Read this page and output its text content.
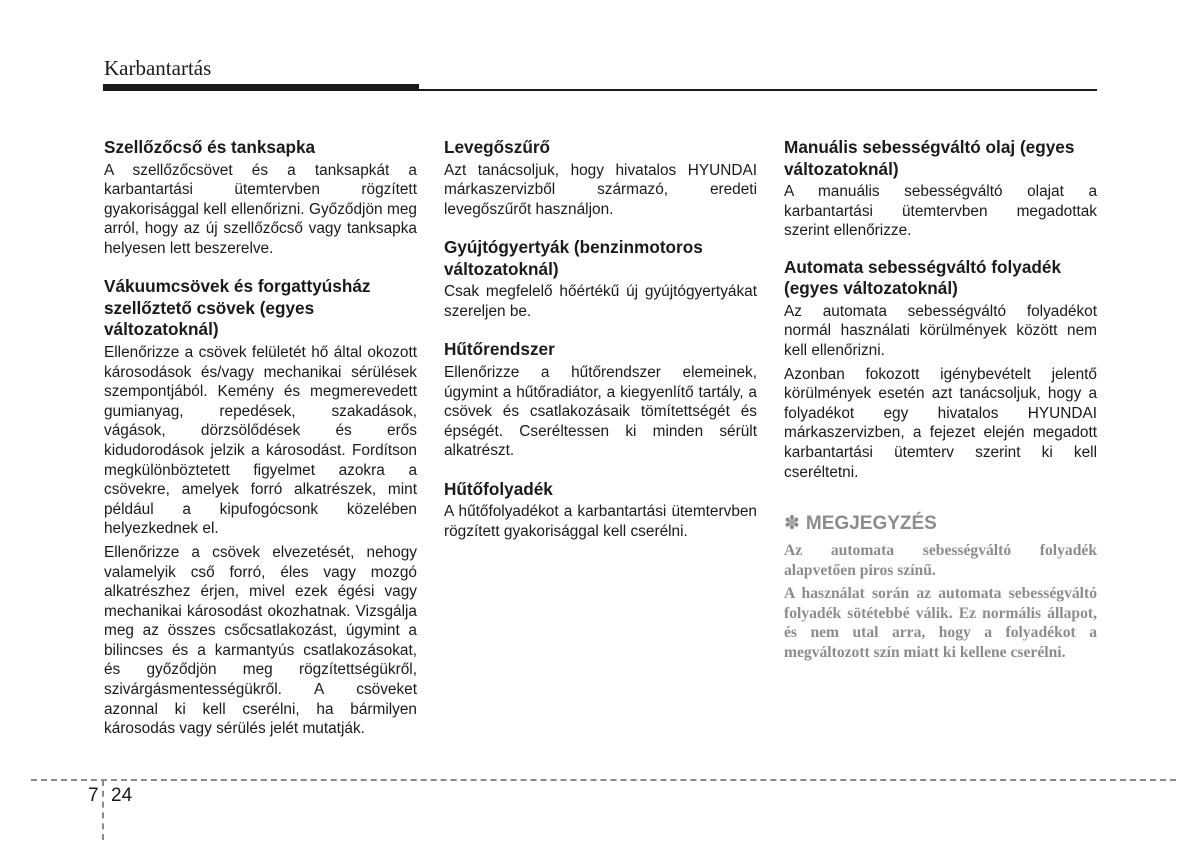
Karbantartás
Szellőzőcső és tanksapka

A szellőzőcsövet és a tanksapkát a karbantartási ütemtervben rögzített gyakorisággal kell ellenőrizni. Győződjön meg arról, hogy az új szellőzőcső vagy tanksapka helyesen lett beszerelve.

Vákuumcsövek és forgattyúsház szellőztető csövek (egyes változatoknál)

Ellenőrizze a csövek felületét hő által okozott károsodások és/vagy mechanikai sérülések szempontjából. Kemény és megmerevedett gumianyag, repedések, szakadások, vágások, dörzsölődések és erős kidudorodások jelzik a károsodást. Fordítson megkülönböztetett figyelmet azokra a csövekre, amelyek forró alkatrészek, mint például a kipufogócsonk közelében helyezkednek el.

Ellenőrizze a csövek elvezetését, nehogy valamelyik cső forró, éles vagy mozgó alkatrészhez érjen, mivel ezek égési vagy mechanikai károsodást okozhatnak. Vizsgálja meg az összes csőcsatlakozást, úgymint a bilincses és a karmantyús csatlakozásokat, és győződjön meg rögzítettségükről, szivárgásmentességükről. A csöveket azonnal ki kell cserélni, ha bármilyen károsodás vagy sérülés jelét mutatják.

Levegőszűrő

Azt tanácsoljuk, hogy hivatalos HYUNDAI márkaszervizből származó, eredeti levegőszűrőt használjon.

Gyújtógyertyák (benzinmotoros változatoknál)

Csak megfelelő hőértékű új gyújtógyertyákat szereljen be.

Hűtőrendszer

Ellenőrizze a hűtőrendszer elemeinek, úgymint a hűtőradiátor, a kiegyenlítő tartály, a csövek és csatlakozásaik tömítettségét és épségét. Cseréltessen ki minden sérült alkatrészt.

Hűtőfolyadék

A hűtőfolyadékot a karbantartási ütemtervben rögzített gyakorisággal kell cserélni.

Manuális sebességváltó olaj (egyes változatoknál)

A manuális sebességváltó olajat a karbantartási ütemtervben megadottak szerint ellenőrizze.

Automata sebességváltó folyadék (egyes változatoknál)

Az automata sebességváltó folyadékot normál használati körülmények között nem kell ellenőrizni.

Azonban fokozott igénybevételt jelentő körülmények esetén azt tanácsoljuk, hogy a folyadékot egy hivatalos HYUNDAI márkaszervizben, a fejezet elején megadott karbantartási ütemterv szerint ki kell cseréltetni.

✽ MEGJEGYZÉS

Az automata sebességváltó folyadék alapvetően piros színű.

A használat során az automata sebességváltó folyadék sötétebbé válik. Ez normális állapot, és nem utal arra, hogy a folyadékot a megváltozott szín miatt ki kellene cserélni.

7 24
